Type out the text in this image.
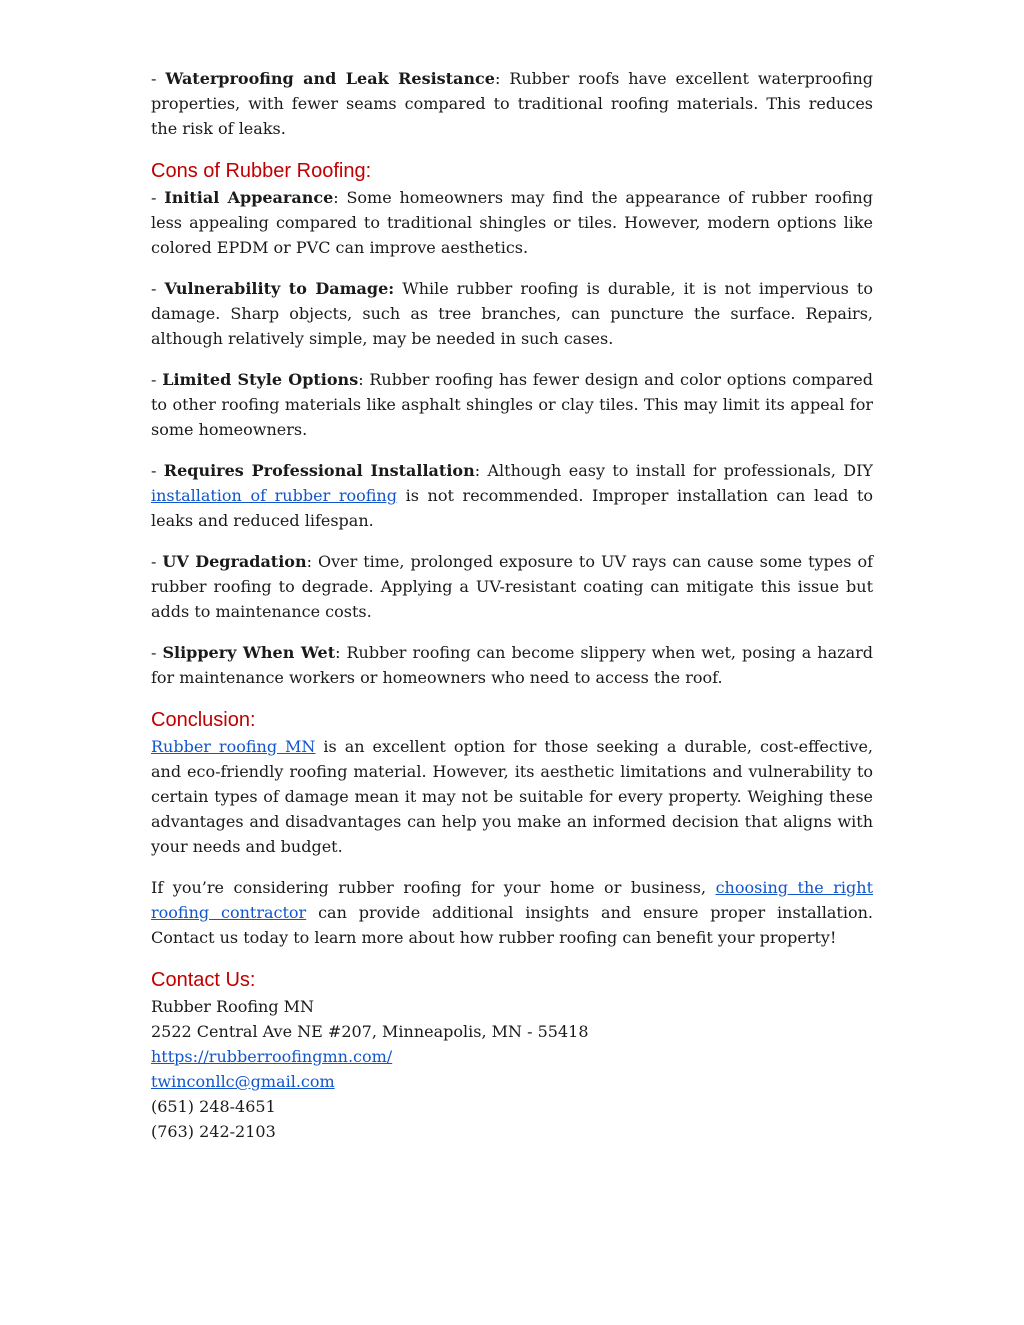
- Waterproofing and Leak Resistance: Rubber roofs have excellent waterproofing properties, with fewer seams compared to traditional roofing materials. This reduces the risk of leaks.

Cons of Rubber Roofing:

- Initial Appearance: Some homeowners may find the appearance of rubber roofing less appealing compared to traditional shingles or tiles. However, modern options like colored EPDM or PVC can improve aesthetics.

- Vulnerability to Damage: While rubber roofing is durable, it is not impervious to damage. Sharp objects, such as tree branches, can puncture the surface. Repairs, although relatively simple, may be needed in such cases.

- Limited Style Options: Rubber roofing has fewer design and color options compared to other roofing materials like asphalt shingles or clay tiles. This may limit its appeal for some homeowners.

- Requires Professional Installation: Although easy to install for professionals, DIY installation of rubber roofing is not recommended. Improper installation can lead to leaks and reduced lifespan.

- UV Degradation: Over time, prolonged exposure to UV rays can cause some types of rubber roofing to degrade. Applying a UV-resistant coating can mitigate this issue but adds to maintenance costs.

- Slippery When Wet: Rubber roofing can become slippery when wet, posing a hazard for maintenance workers or homeowners who need to access the roof.

Conclusion:

Rubber roofing MN is an excellent option for those seeking a durable, cost-effective, and eco-friendly roofing material. However, its aesthetic limitations and vulnerability to certain types of damage mean it may not be suitable for every property. Weighing these advantages and disadvantages can help you make an informed decision that aligns with your needs and budget.

If you’re considering rubber roofing for your home or business, choosing the right roofing contractor can provide additional insights and ensure proper installation. Contact us today to learn more about how rubber roofing can benefit your property!

Contact Us:

Rubber Roofing MN

2522 Central Ave NE #207, Minneapolis, MN - 55418

https://rubberroofingmn.com/

twinconllc@gmail.com

(651) 248-4651

(763) 242-2103
